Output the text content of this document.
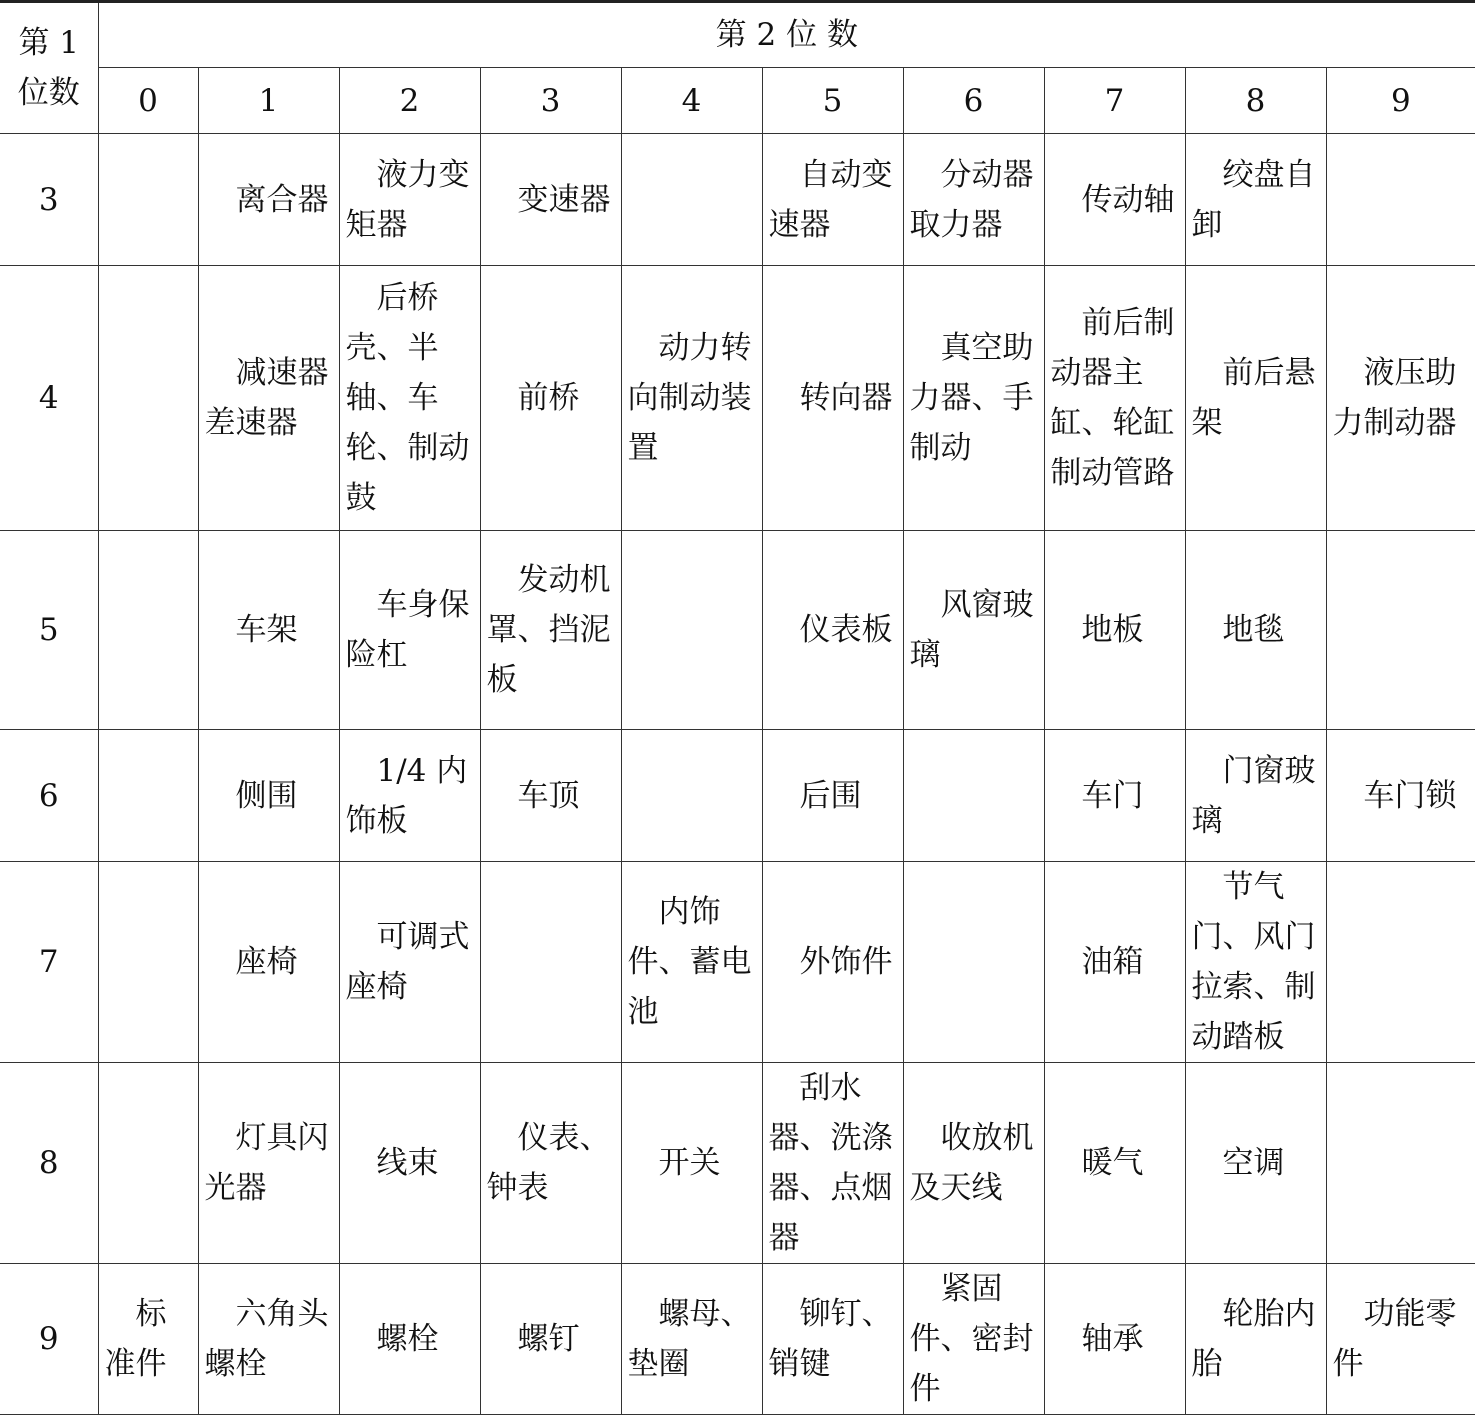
第 1
位数	第 2 位 数									
	0	1	2	3	4	5	6	7	8	9
3		离合器	液力变矩器	变速器		自动变速器	分动器取力器	传动轴	绞盘自卸	
4		减速器差速器	后桥壳、半轴、车轮、制动鼓	前桥	动力转向制动装置	转向器	真空助力器、手制动	前后制动器主缸、轮缸制动管路	前后悬架	液压助力制动器
5		车架	车身保险杠	发动机罩、挡泥板		仪表板	风窗玻璃	地板	地毯	
6		侧围	1/4 内饰板	车顶		后围		车门	门窗玻璃	车门锁
7		座椅	可调式座椅		内饰件、蓄电池	外饰件		油箱	节气门、风门拉索、制动踏板	
8		灯具闪光器	线束	仪表、钟表	开关	刮水器、洗涤器、点烟器	收放机及天线	暖气	空调	
9	标准件	六角头螺栓	螺栓	螺钉	螺母、垫圈	铆钉、销键	紧固件、密封件	轴承	轮胎内胎	功能零件
